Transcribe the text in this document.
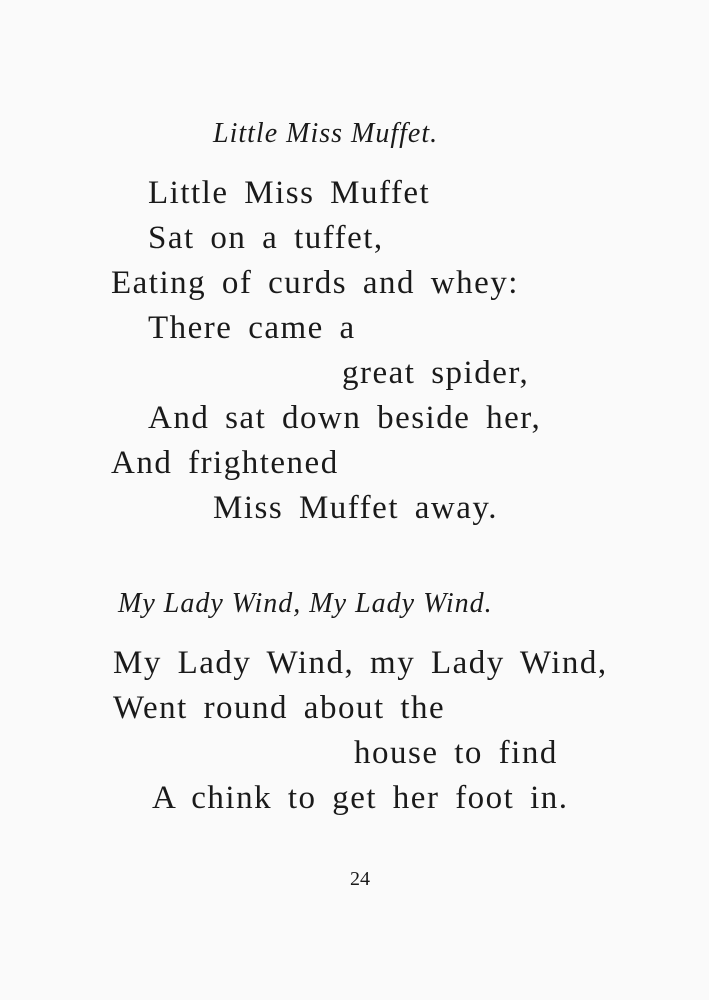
Little Miss Muffet.
Little Miss Muffet
Sat on a tuffet,
Eating of curds and whey:
There came a
great spider,
And sat down beside her,
And frightened
Miss Muffet away.
My Lady Wind, My Lady Wind.
My Lady Wind, my Lady Wind,
Went round about the
house to find
A chink to get her foot in.
24
